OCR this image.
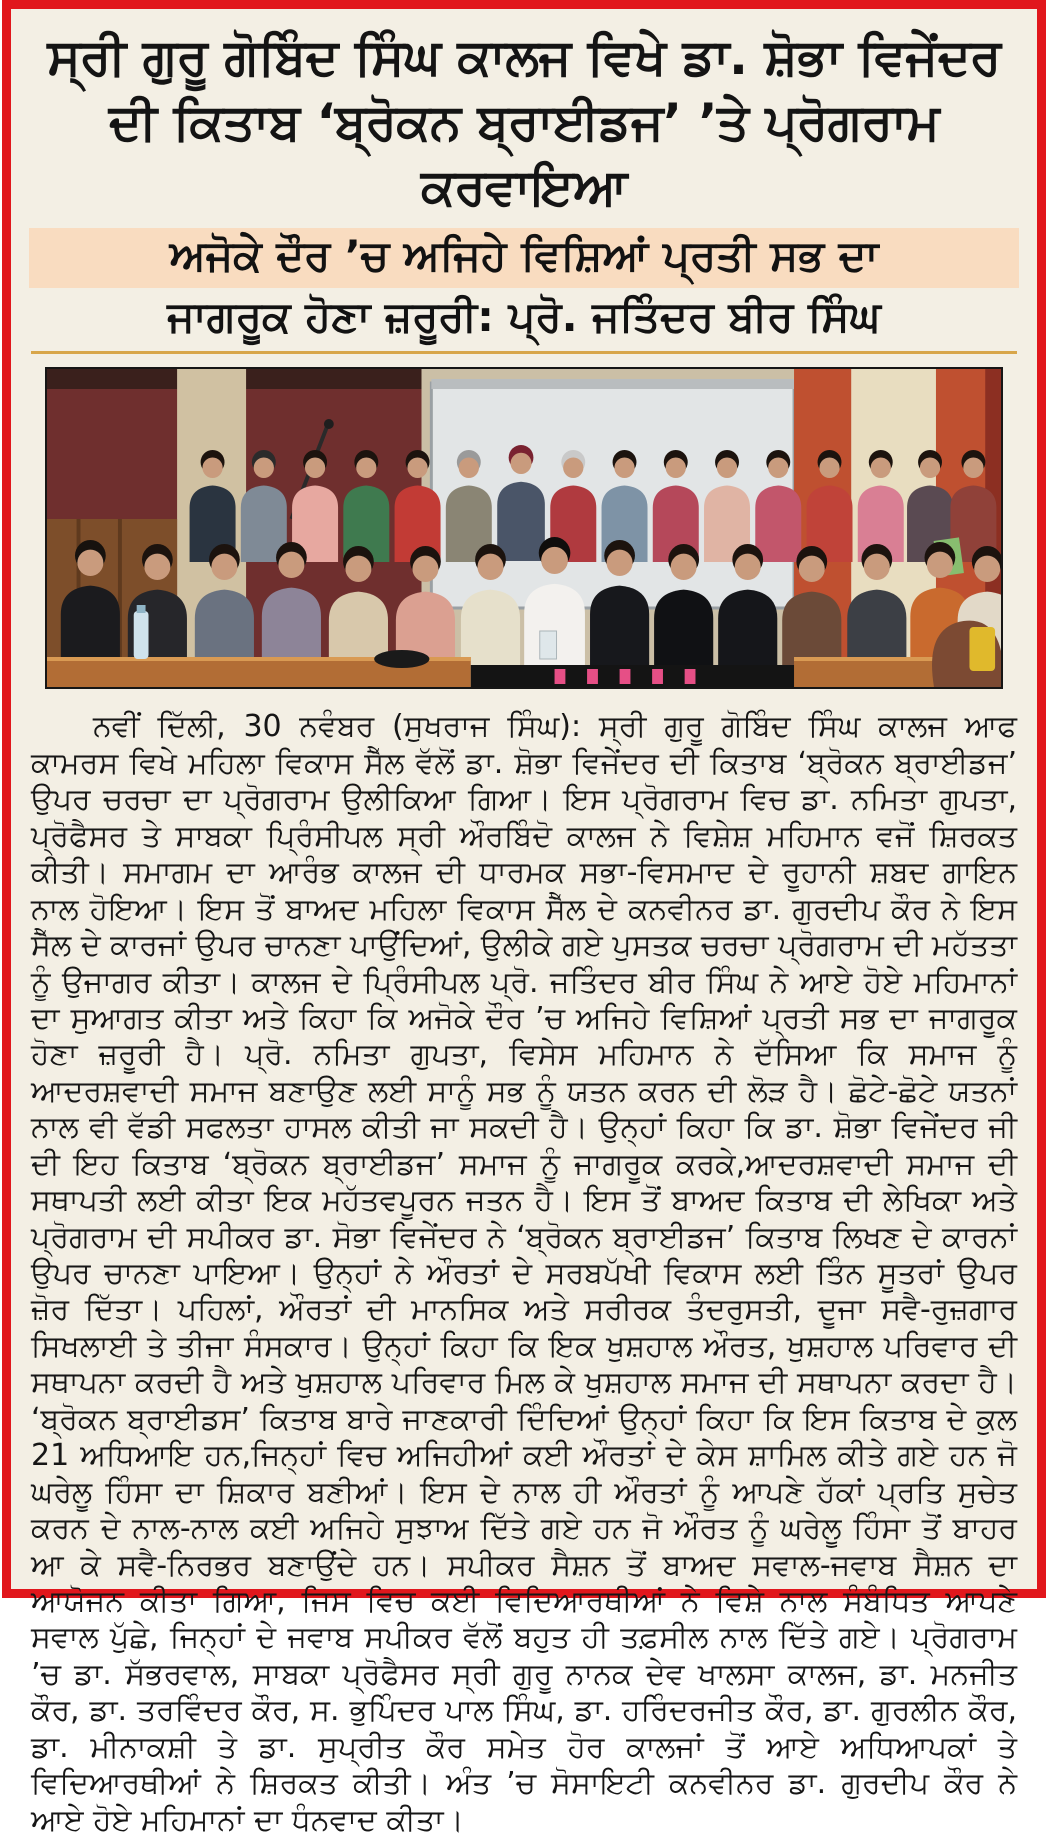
ਸ੍ਰੀ ਗੁਰੂ ਗੋਬਿੰਦ ਸਿੰਘ ਕਾਲਜ ਵਿਖੇ ਡਾ. ਸ਼ੋਭਾ ਵਿਜੇਂਦਰ
ਦੀ ਕਿਤਾਬ ‘ਬ੍ਰੋਕਨ ਬ੍ਰਾਈਡਜ’ ’ਤੇ ਪ੍ਰੋਗਰਾਮ ਕਰਵਾਇਆ
ਅਜੋਕੇ ਦੌਰ ’ਚ ਅਜਿਹੇ ਵਿਸ਼ਿਆਂ ਪ੍ਰਤੀ ਸਭ ਦਾ
ਜਾਗਰੂਕ ਹੋਣਾ ਜ਼ਰੂਰੀ: ਪ੍ਰੋ. ਜਤਿੰਦਰ ਬੀਰ ਸਿੰਘ

ਨਵੀਂ ਦਿੱਲੀ, 30 ਨਵੰਬਰ (ਸੁਖਰਾਜ ਸਿੰਘ): ਸ੍ਰੀ ਗੁਰੂ ਗੋਬਿੰਦ ਸਿੰਘ ਕਾਲਜ ਆਫ ਕਾਮਰਸ ਵਿਖੇ ਮਹਿਲਾ ਵਿਕਾਸ ਸੈੱਲ ਵੱਲੋਂ ਡਾ. ਸ਼ੋਭਾ ਵਿਜੇਂਦਰ ਦੀ ਕਿਤਾਬ ‘ਬ੍ਰੋਕਨ ਬ੍ਰਾਈਡਜ’ ਉਪਰ ਚਰਚਾ ਦਾ ਪ੍ਰੋਗਰਾਮ ਉਲੀਕਿਆ ਗਿਆ। ਇਸ ਪ੍ਰੋਗਰਾਮ ਵਿਚ ਡਾ. ਨਮਿਤਾ ਗੁਪਤਾ, ਪ੍ਰੋਫੈਸਰ ਤੇ ਸਾਬਕਾ ਪ੍ਰਿੰਸੀਪਲ ਸ੍ਰੀ ਔਰਬਿੰਦੋ ਕਾਲਜ ਨੇ ਵਿਸ਼ੇਸ਼ ਮਹਿਮਾਨ ਵਜੋਂ ਸ਼ਿਰਕਤ ਕੀਤੀ। ਸਮਾਗਮ ਦਾ ਆਰੰਭ ਕਾਲਜ ਦੀ ਧਾਰਮਕ ਸਭਾ-ਵਿਸਮਾਦ ਦੇ ਰੂਹਾਨੀ ਸ਼ਬਦ ਗਾਇਨ ਨਾਲ ਹੋਇਆ। ਇਸ ਤੋਂ ਬਾਅਦ ਮਹਿਲਾ ਵਿਕਾਸ ਸੈੱਲ ਦੇ ਕਨਵੀਨਰ ਡਾ. ਗੁਰਦੀਪ ਕੌਰ ਨੇ ਇਸ ਸੈੱਲ ਦੇ ਕਾਰਜਾਂ ਉਪਰ ਚਾਨਣਾ ਪਾਉਂਦਿਆਂ, ਉਲੀਕੇ ਗਏ ਪੁਸਤਕ ਚਰਚਾ ਪ੍ਰੋਗਰਾਮ ਦੀ ਮਹੱਤਤਾ ਨੂੰ ਉਜਾਗਰ ਕੀਤਾ। ਕਾਲਜ ਦੇ ਪ੍ਰਿੰਸੀਪਲ ਪ੍ਰੋ. ਜਤਿੰਦਰ ਬੀਰ ਸਿੰਘ ਨੇ ਆਏ ਹੋਏ ਮਹਿਮਾਨਾਂ ਦਾ ਸੁਆਗਤ ਕੀਤਾ ਅਤੇ ਕਿਹਾ ਕਿ ਅਜੋਕੇ ਦੌਰ ’ਚ ਅਜਿਹੇ ਵਿਸ਼ਿਆਂ ਪ੍ਰਤੀ ਸਭ ਦਾ ਜਾਗਰੂਕ ਹੋਣਾ ਜ਼ਰੂਰੀ ਹੈ। ਪ੍ਰੋ. ਨਮਿਤਾ ਗੁਪਤਾ, ਵਿਸੇਸ ਮਹਿਮਾਨ ਨੇ ਦੱਸਿਆ ਕਿ ਸਮਾਜ ਨੂੰ ਆਦਰਸ਼ਵਾਦੀ ਸਮਾਜ ਬਣਾਉਣ ਲਈ ਸਾਨੂੰ ਸਭ ਨੂੰ ਯਤਨ ਕਰਨ ਦੀ ਲੋੜ ਹੈ। ਛੋਟੇ-ਛੋਟੇ ਯਤਨਾਂ ਨਾਲ ਵੀ ਵੱਡੀ ਸਫਲਤਾ ਹਾਸਲ ਕੀਤੀ ਜਾ ਸਕਦੀ ਹੈ। ਉਨ੍ਹਾਂ ਕਿਹਾ ਕਿ ਡਾ. ਸ਼ੋਭਾ ਵਿਜੇਂਦਰ ਜੀ ਦੀ ਇਹ ਕਿਤਾਬ ‘ਬ੍ਰੋਕਨ ਬ੍ਰਾਈਡਜ’ ਸਮਾਜ ਨੂੰ ਜਾਗਰੂਕ ਕਰਕੇ,ਆਦਰਸ਼ਵਾਦੀ ਸਮਾਜ ਦੀ ਸਥਾਪਤੀ ਲਈ ਕੀਤਾ ਇਕ ਮਹੱਤਵਪੂਰਨ ਜਤਨ ਹੈ। ਇਸ ਤੋਂ ਬਾਅਦ ਕਿਤਾਬ ਦੀ ਲੇਖਿਕਾ ਅਤੇ ਪ੍ਰੋਗਰਾਮ ਦੀ ਸਪੀਕਰ ਡਾ. ਸੋਭਾ ਵਿਜੇਂਦਰ ਨੇ ‘ਬ੍ਰੋਕਨ ਬ੍ਰਾਈਡਜ’ ਕਿਤਾਬ ਲਿਖਣ ਦੇ ਕਾਰਨਾਂ ਉਪਰ ਚਾਨਣਾ ਪਾਇਆ। ਉਨ੍ਹਾਂ ਨੇ ਔਰਤਾਂ ਦੇ ਸਰਬਪੱਖੀ ਵਿਕਾਸ ਲਈ ਤਿੰਨ ਸੂਤਰਾਂ ਉਪਰ ਜ਼ੋਰ ਦਿੱਤਾ। ਪਹਿਲਾਂ, ਔਰਤਾਂ ਦੀ ਮਾਨਸਿਕ ਅਤੇ ਸਰੀਰਕ ਤੰਦਰੁਸਤੀ, ਦੂਜਾ ਸਵੈ-ਰੁਜ਼ਗਾਰ ਸਿਖਲਾਈ ਤੇ ਤੀਜਾ ਸੰਸਕਾਰ। ਉਨ੍ਹਾਂ ਕਿਹਾ ਕਿ ਇਕ ਖੁਸ਼ਹਾਲ ਔਰਤ, ਖੁਸ਼ਹਾਲ ਪਰਿਵਾਰ ਦੀ ਸਥਾਪਨਾ ਕਰਦੀ ਹੈ ਅਤੇ ਖੁਸ਼ਹਾਲ ਪਰਿਵਾਰ ਮਿਲ ਕੇ ਖੁਸ਼ਹਾਲ ਸਮਾਜ ਦੀ ਸਥਾਪਨਾ ਕਰਦਾ ਹੈ। ‘ਬ੍ਰੋਕਨ ਬ੍ਰਾਈਡਸ’ ਕਿਤਾਬ ਬਾਰੇ ਜਾਣਕਾਰੀ ਦਿੰਦਿਆਂ ਉਨ੍ਹਾਂ ਕਿਹਾ ਕਿ ਇਸ ਕਿਤਾਬ ਦੇ ਕੁਲ 21 ਅਧਿਆਇ ਹਨ,ਜਿਨ੍ਹਾਂ ਵਿਚ ਅਜਿਹੀਆਂ ਕਈ ਔਰਤਾਂ ਦੇ ਕੇਸ ਸ਼ਾਮਿਲ ਕੀਤੇ ਗਏ ਹਨ ਜੋ ਘਰੇਲੂ ਹਿੰਸਾ ਦਾ ਸ਼ਿਕਾਰ ਬਣੀਆਂ। ਇਸ ਦੇ ਨਾਲ ਹੀ ਔਰਤਾਂ ਨੂੰ ਆਪਣੇ ਹੱਕਾਂ ਪ੍ਰਤਿ ਸੁਚੇਤ ਕਰਨ ਦੇ ਨਾਲ-ਨਾਲ ਕਈ ਅਜਿਹੇ ਸੁਝਾਅ ਦਿੱਤੇ ਗਏ ਹਨ ਜੋ ਔਰਤ ਨੂੰ ਘਰੇਲੂ ਹਿੰਸਾ ਤੋਂ ਬਾਹਰ ਆ ਕੇ ਸਵੈ-ਨਿਰਭਰ ਬਣਾਉਂਦੇ ਹਨ। ਸਪੀਕਰ ਸੈਸ਼ਨ ਤੋਂ ਬਾਅਦ ਸਵਾਲ-ਜਵਾਬ ਸੈਸ਼ਨ ਦਾ ਆਯੋਜਨ ਕੀਤਾ ਗਿਆ, ਜਿਸ ਵਿਚ ਕਈ ਵਿਦਿਆਰਥੀਆਂ ਨੇ ਵਿਸ਼ੇ ਨਾਲ ਸੰਬੰਧਿਤ ਆਪਣੇ ਸਵਾਲ ਪੁੱਛੇ, ਜਿਨ੍ਹਾਂ ਦੇ ਜਵਾਬ ਸਪੀਕਰ ਵੱਲੋਂ ਬਹੁਤ ਹੀ ਤਫ਼ਸੀਲ ਨਾਲ ਦਿੱਤੇ ਗਏ। ਪ੍ਰੋਗਰਾਮ ’ਚ ਡਾ. ਸੱਭਰਵਾਲ, ਸਾਬਕਾ ਪ੍ਰੋਫੈਸਰ ਸ੍ਰੀ ਗੁਰੂ ਨਾਨਕ ਦੇਵ ਖਾਲਸਾ ਕਾਲਜ, ਡਾ. ਮਨਜੀਤ ਕੌਰ, ਡਾ. ਤਰਵਿੰਦਰ ਕੌਰ, ਸ. ਭੁਪਿੰਦਰ ਪਾਲ ਸਿੰਘ, ਡਾ. ਹਰਿੰਦਰਜੀਤ ਕੌਰ, ਡਾ. ਗੁਰਲੀਨ ਕੌਰ, ਡਾ. ਮੀਨਾਕਸ਼ੀ ਤੇ ਡਾ. ਸੁਪ੍ਰੀਤ ਕੌਰ ਸਮੇਤ ਹੋਰ ਕਾਲਜਾਂ ਤੋਂ ਆਏ ਅਧਿਆਪਕਾਂ ਤੇ ਵਿਦਿਆਰਥੀਆਂ ਨੇ ਸ਼ਿਰਕਤ ਕੀਤੀ। ਅੰਤ ’ਚ ਸੋਸਾਇਟੀ ਕਨਵੀਨਰ ਡਾ. ਗੁਰਦੀਪ ਕੌਰ ਨੇ ਆਏ ਹੋਏ ਮਹਿਮਾਨਾਂ ਦਾ ਧੰਨਵਾਦ ਕੀਤਾ।
